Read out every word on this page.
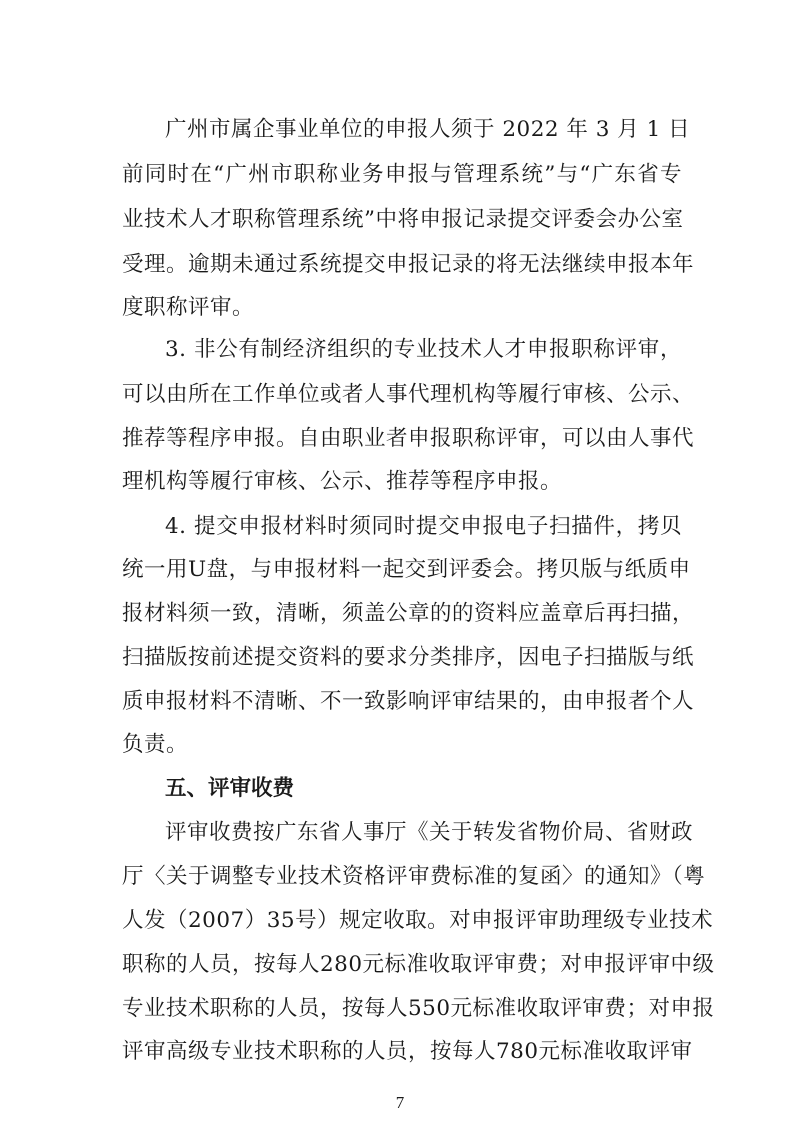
广州市属企事业单位的申报人须于 2022 年 3 月 1 日
前同时在“广州市职称业务申报与管理系统”与“广东省专
业技术人才职称管理系统”中将申报记录提交评委会办公室
受理。逾期未通过系统提交申报记录的将无法继续申报本年
度职称评审。
3. 非公有制经济组织的专业技术人才申报职称评审，
可以由所在工作单位或者人事代理机构等履行审核、公示、
推荐等程序申报。自由职业者申报职称评审，可以由人事代
理机构等履行审核、公示、推荐等程序申报。
4. 提交申报材料时须同时提交申报电子扫描件，拷贝
统一用U盘，与申报材料一起交到评委会。拷贝版与纸质申
报材料须一致，清晰，须盖公章的的资料应盖章后再扫描，
扫描版按前述提交资料的要求分类排序，因电子扫描版与纸
质申报材料不清晰、不一致影响评审结果的，由申报者个人
负责。
五、评审收费
评审收费按广东省人事厅《关于转发省物价局、省财政
厅〈关于调整专业技术资格评审费标准的复函〉的通知》（粤
人发（2007）35号）规定收取。对申报评审助理级专业技术
职称的人员，按每人280元标准收取评审费；对申报评审中级
专业技术职称的人员，按每人550元标准收取评审费；对申报
评审高级专业技术职称的人员，按每人780元标准收取评审
7
